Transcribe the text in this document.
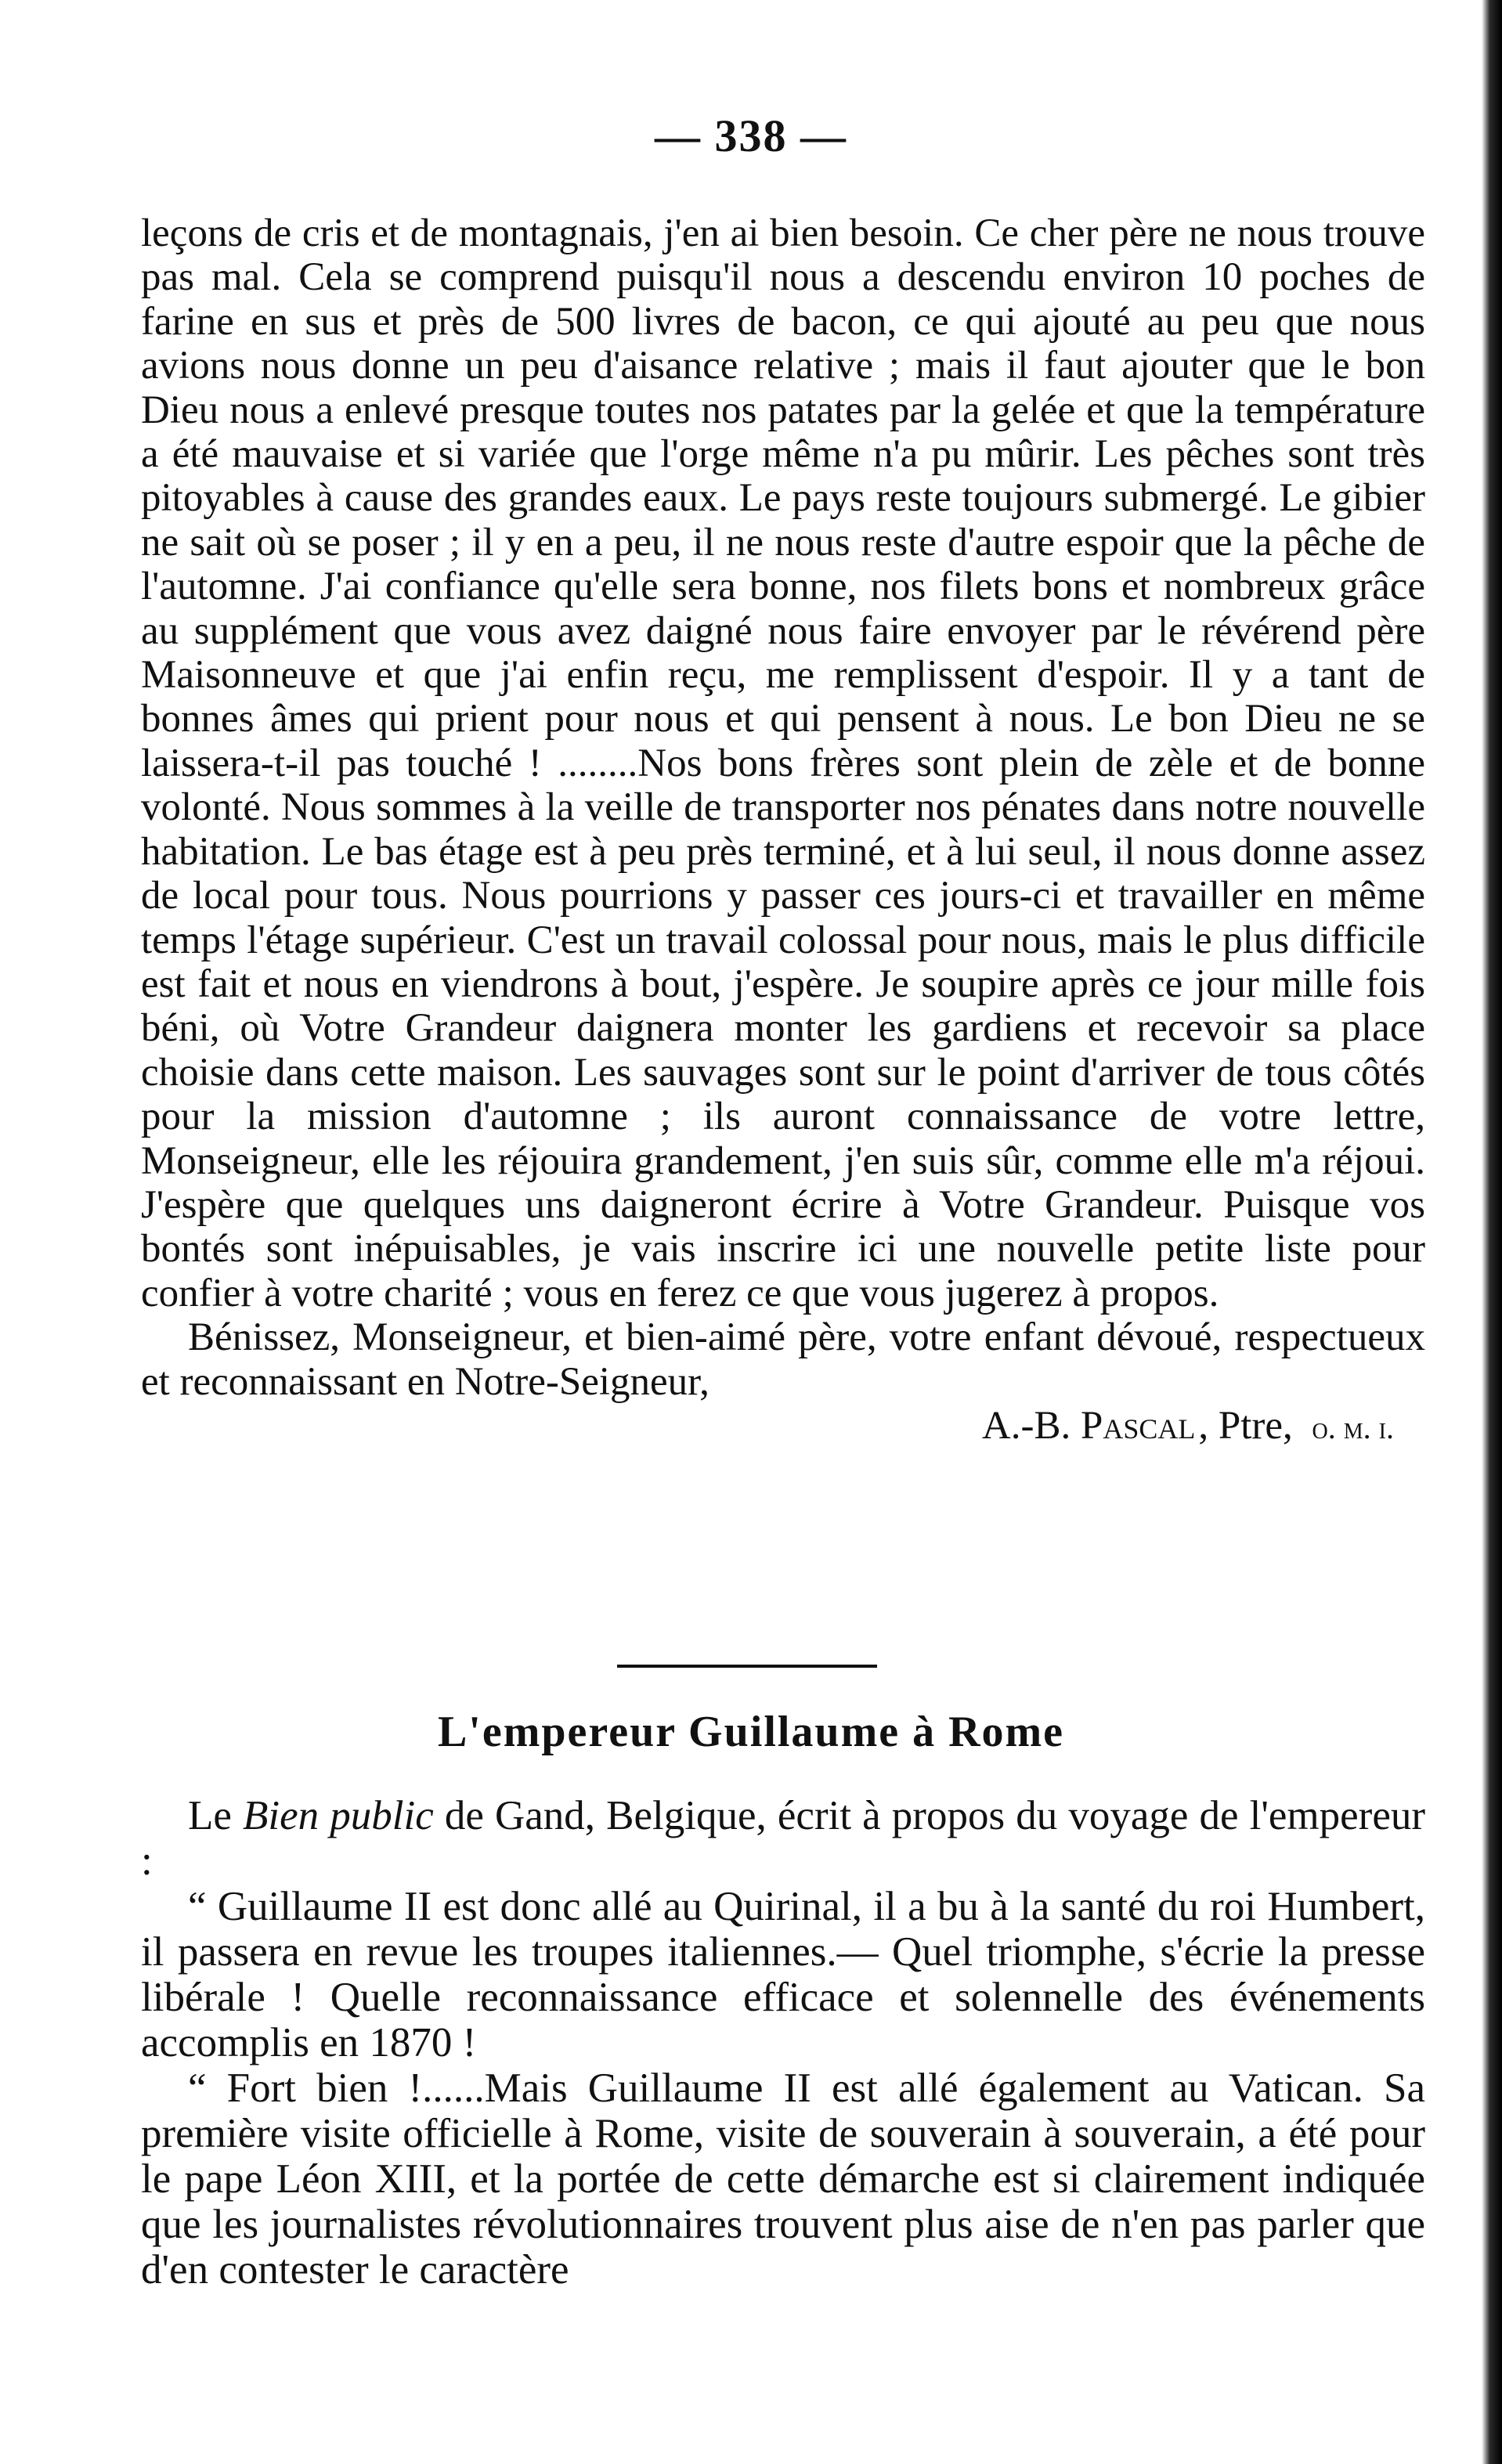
— 338 —

leçons de cris et de montagnais, j'en ai bien besoin. Ce cher père ne nous trouve pas mal. Cela se comprend puisqu'il nous a descendu environ 10 poches de farine en sus et près de 500 livres de bacon, ce qui ajouté au peu que nous avions nous donne un peu d'aisance relative ; mais il faut ajouter que le bon Dieu nous a enlevé presque toutes nos patates par la gelée et que la température a été mauvaise et si variée que l'orge même n'a pu mûrir. Les pêches sont très pitoyables à cause des grandes eaux. Le pays reste toujours submergé. Le gibier ne sait où se poser ; il y en a peu, il ne nous reste d'autre espoir que la pêche de l'automne. J'ai confiance qu'elle sera bonne, nos filets bons et nombreux grâce au supplément que vous avez daigné nous faire envoyer par le révérend père Maisonneuve et que j'ai enfin reçu, me remplissent d'espoir. Il y a tant de bonnes âmes qui prient pour nous et qui pensent à nous. Le bon Dieu ne se laissera-t-il pas touché ! ........Nos bons frères sont plein de zèle et de bonne volonté. Nous sommes à la veille de transporter nos pénates dans notre nouvelle habitation. Le bas étage est à peu près terminé, et à lui seul, il nous donne assez de local pour tous. Nous pourrions y passer ces jours-ci et travailler en même temps l'étage supérieur. C'est un travail colossal pour nous, mais le plus difficile est fait et nous en viendrons à bout, j'espère. Je soupire après ce jour mille fois béni, où Votre Grandeur daignera monter les gardiens et recevoir sa place choisie dans cette maison. Les sauvages sont sur le point d'arriver de tous côtés pour la mission d'automne ; ils auront connaissance de votre lettre, Monseigneur, elle les réjouira grandement, j'en suis sûr, comme elle m'a réjoui. J'espère que quelques uns daigneront écrire à Votre Grandeur. Puisque vos bontés sont inépuisables, je vais inscrire ici une nouvelle petite liste pour confier à votre charité ; vous en ferez ce que vous jugerez à propos.

Bénissez, Monseigneur, et bien-aimé père, votre enfant dévoué, respectueux et reconnaissant en Notre-Seigneur,

A.-B. Pascal, Ptre, o. m. i.

L'empereur Guillaume à Rome

Le Bien public de Gand, Belgique, écrit à propos du voyage de l'empereur :

“ Guillaume II est donc allé au Quirinal, il a bu à la santé du roi Humbert, il passera en revue les troupes italiennes.— Quel triomphe, s'écrie la presse libérale ! Quelle reconnaissance efficace et solennelle des événements accomplis en 1870 !

“ Fort bien !......Mais Guillaume II est allé également au Vatican. Sa première visite officielle à Rome, visite de souverain à souverain, a été pour le pape Léon XIII, et la portée de cette démarche est si clairement indiquée que les journalistes révolutionnaires trouvent plus aise de n'en pas parler que d'en contester le caractère
